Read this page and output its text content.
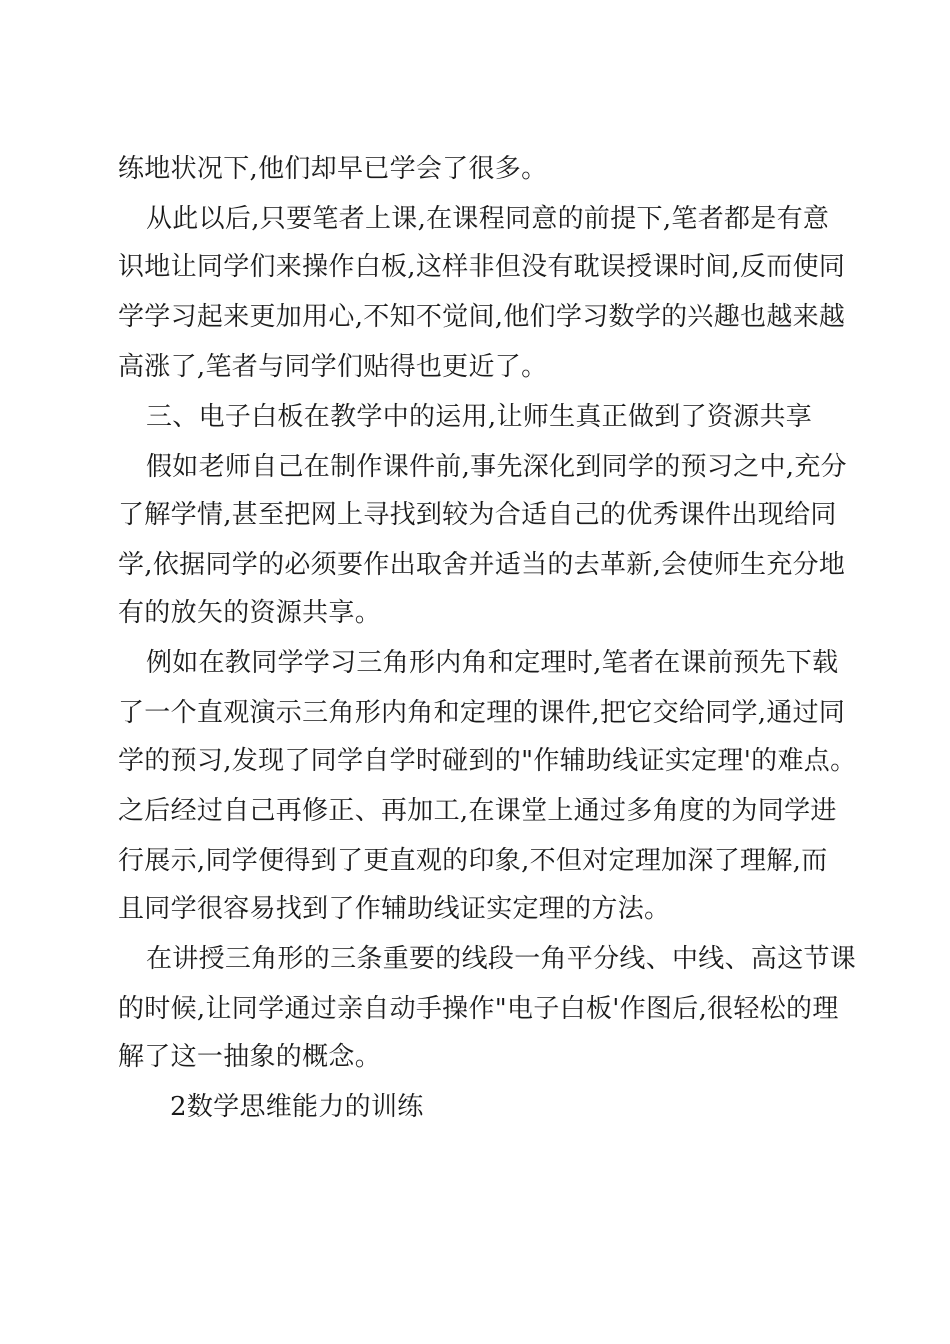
练地状况下,他们却早已学会了很多。
从此以后,只要笔者上课,在课程同意的前提下,笔者都是有意
识地让同学们来操作白板,这样非但没有耽误授课时间,反而使同
学学习起来更加用心,不知不觉间,他们学习数学的兴趣也越来越
高涨了,笔者与同学们贴得也更近了。
三、电子白板在教学中的运用,让师生真正做到了资源共享
假如老师自己在制作课件前,事先深化到同学的预习之中,充分
了解学情,甚至把网上寻找到较为合适自己的优秀课件出现给同
学,依据同学的必须要作出取舍并适当的去革新,会使师生充分地
有的放矢的资源共享。
例如在教同学学习三角形内角和定理时,笔者在课前预先下载
了一个直观演示三角形内角和定理的课件,把它交给同学,通过同
学的预习,发现了同学自学时碰到的"作辅助线证实定理'的难点。
之后经过自己再修正、再加工,在课堂上通过多角度的为同学进
行展示,同学便得到了更直观的印象,不但对定理加深了理解,而
且同学很容易找到了作辅助线证实定理的方法。
在讲授三角形的三条重要的线段一角平分线、中线、高这节课
的时候,让同学通过亲自动手操作"电子白板'作图后,很轻松的理
解了这一抽象的概念。
2数学思维能力的训练
